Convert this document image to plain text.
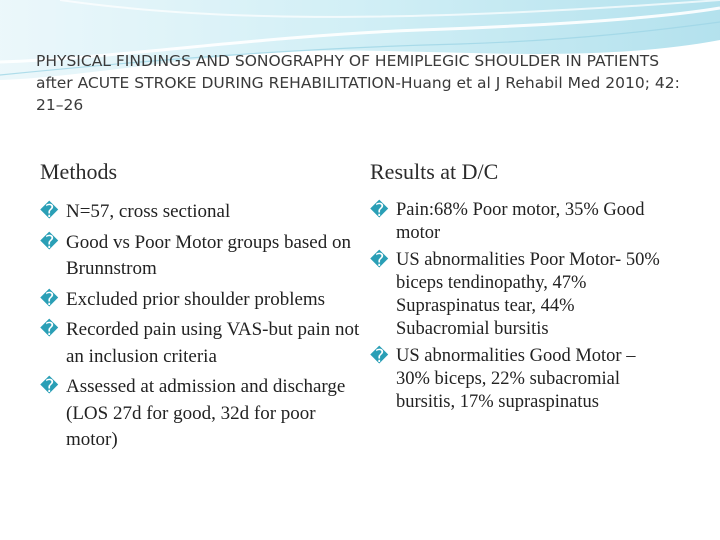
PHYSICAL FINDINGS AND SONOGRAPHY OF HEMIPLEGIC SHOULDER IN PATIENTS after ACUTE STROKE DURING REHABILITATION-Huang et al J Rehabil Med 2010; 42: 21–26
Methods	Results at D/C

� N=57, cross sectional

� Good vs Poor Motor groups based on Brunnstrom

� Excluded prior shoulder problems

� Recorded pain using VAS-but pain not an inclusion criteria

� Assessed at admission and discharge (LOS 27d for good, 32d for poor motor)

� Pain:68% Poor motor, 35% Good motor

� US abnormalities Poor Motor- 50% biceps tendinopathy, 47% Supraspinatus tear, 44% Subacromial bursitis

� US abnormalities Good Motor – 30% biceps, 22% subacromial bursitis, 17% supraspinatus
